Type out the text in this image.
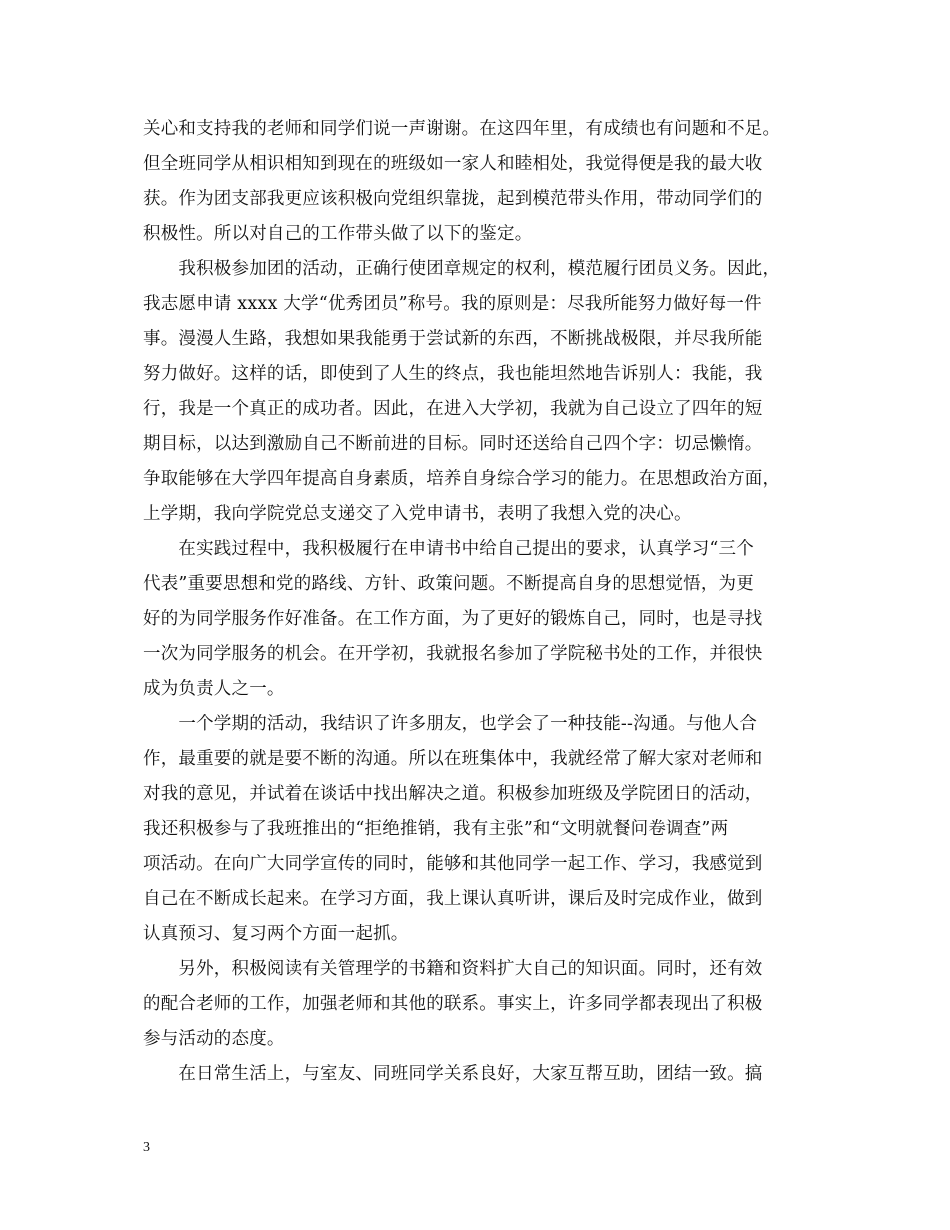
关心和支持我的老师和同学们说一声谢谢。在这四年里，有成绩也有问题和不足。
但全班同学从相识相知到现在的班级如一家人和睦相处，我觉得便是我的最大收
获。作为团支部我更应该积极向党组织靠拢，起到模范带头作用，带动同学们的
积极性。所以对自己的工作带头做了以下的鉴定。
　　我积极参加团的活动，正确行使团章规定的权利，模范履行团员义务。因此，
我志愿申请 xxxx 大学“优秀团员”称号。我的原则是：尽我所能努力做好每一件
事。漫漫人生路，我想如果我能勇于尝试新的东西，不断挑战极限，并尽我所能
努力做好。这样的话，即使到了人生的终点，我也能坦然地告诉别人：我能，我
行，我是一个真正的成功者。因此，在进入大学初，我就为自己设立了四年的短
期目标，以达到激励自己不断前进的目标。同时还送给自己四个字：切忌懒惰。
争取能够在大学四年提高自身素质，培养自身综合学习的能力。在思想政治方面，
上学期，我向学院党总支递交了入党申请书，表明了我想入党的决心。
　　在实践过程中，我积极履行在申请书中给自己提出的要求，认真学习“三个
代表”重要思想和党的路线、方针、政策问题。不断提高自身的思想觉悟，为更
好的为同学服务作好准备。在工作方面，为了更好的锻炼自己，同时，也是寻找
一次为同学服务的机会。在开学初，我就报名参加了学院秘书处的工作，并很快
成为负责人之一。
　　一个学期的活动，我结识了许多朋友，也学会了一种技能--沟通。与他人合
作，最重要的就是要不断的沟通。所以在班集体中，我就经常了解大家对老师和
对我的意见，并试着在谈话中找出解决之道。积极参加班级及学院团日的活动，
我还积极参与了我班推出的“拒绝推销，我有主张”和“文明就餐问卷调查”两
项活动。在向广大同学宣传的同时，能够和其他同学一起工作、学习，我感觉到
自己在不断成长起来。在学习方面，我上课认真听讲，课后及时完成作业，做到
认真预习、复习两个方面一起抓。
　　另外，积极阅读有关管理学的书籍和资料扩大自己的知识面。同时，还有效
的配合老师的工作，加强老师和其他的联系。事实上，许多同学都表现出了积极
参与活动的态度。
　　在日常生活上，与室友、同班同学关系良好，大家互帮互助，团结一致。搞
3
